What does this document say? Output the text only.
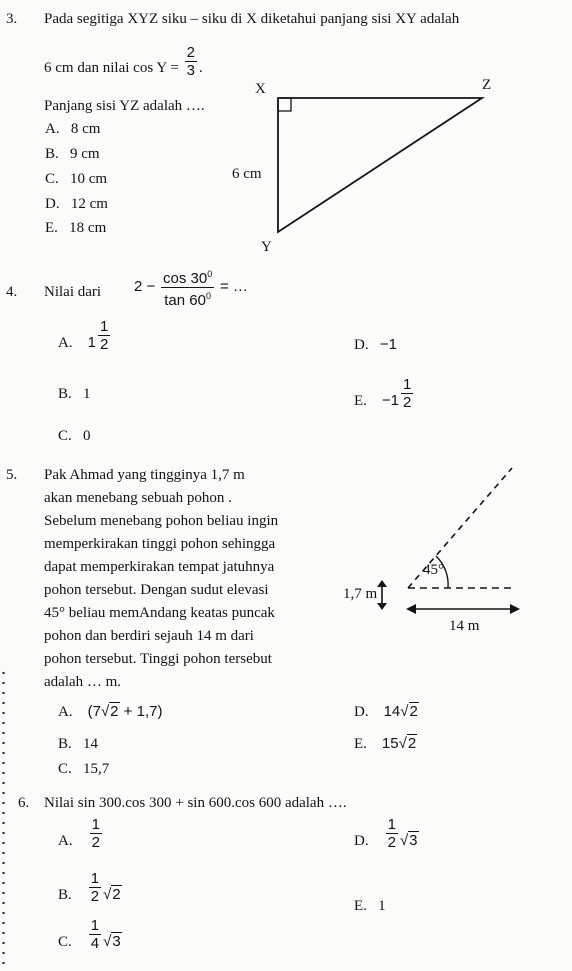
3. Pada segitiga XYZ siku – siku di X diketahui panjang sisi XY adalah
6 cm dan nilai $\cos Y = \frac{2}{3}$ .
Panjang sisi YZ adalah ….
A. 8 cm
B. 9 cm
C. 10 cm
D. 12 cm
E. 18 cm
X	Z
Y
6 cm
4. Nilai dari $2 - \frac{\cos 30^0}{\tan 60^0}$ = …
A. $1 \frac{1}{2}$	D. −1
B. 1	E. $-1 \frac{1}{2}$
C. 0
5. Pak Ahmad yang tingginya 1,7 m
akan menebang sebuah pohon .
Sebelum menebang pohon beliau ingin
memperkirakan tinggi pohon sehingga
dapat memperkirakan tempat jatuhnya
pohon tersebut. Dengan sudut elevasi
45° beliau memAndang keatas puncak
pohon dan berdiri sejauh 14 m dari
pohon tersebut. Tinggi pohon tersebut
adalah … m.
1,7 m
45°
14 m
A. (7√2 + 1,7)	D. 14√2
B. 14	E. 15√2
C. 15,7
6. Nilai sin 300.cos 300 + sin 600.cos 600 adalah ….
A. $\frac{1}{2}$	D. $\frac{1}{2} √3$
B. $\frac{1}{2} √2$
E. 1
C. $\frac{1}{4} √3$
